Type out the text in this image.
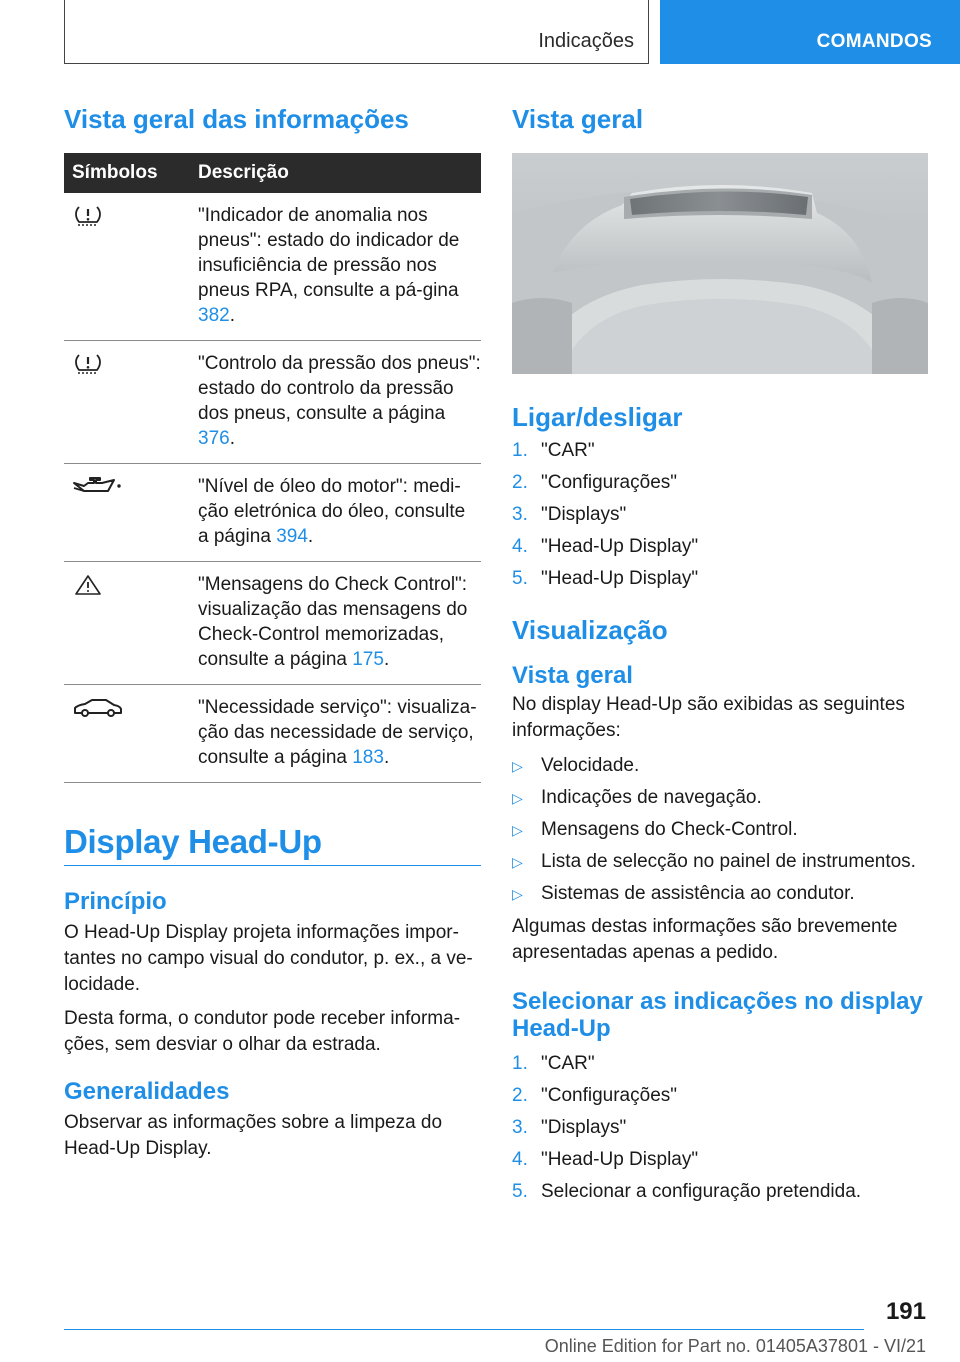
Indicações	COMANDOS
Vista geral das informações
Símbolos	Descrição
	"Indicador de anomalia nos pneus": estado do indicador de insuficiência de pressão nos pneus RPA, consulte a pá-gina 382.
	"Controlo da pressão dos pneus": estado do controlo da pressão dos pneus, consulte a página 376.
	"Nível de óleo do motor": medi-ção eletrónica do óleo, consulte a página 394.
	"Mensagens do Check Control": visualização das mensagens do Check-Control memorizadas, consulte a página 175.
	"Necessidade serviço": visualiza-ção das necessidade de serviço, consulte a página 183.
Display Head-Up
Princípio

O Head-Up Display projeta informações impor-tantes no campo visual do condutor, p. ex., a ve-locidade.

Desta forma, o condutor pode receber informa-ções, sem desviar o olhar da estrada.

Generalidades

Observar as informações sobre a limpeza do Head-Up Display.

Vista geral
Ligar/desligar
1. "CAR"
2. "Configurações"
3. "Displays"
4. "Head-Up Display"
5. "Head-Up Display"
Visualização
Vista geral

No display Head-Up são exibidas as seguintes informações:

▷ Velocidade.
▷ Indicações de navegação.
▷ Mensagens do Check-Control.
▷ Lista de selecção no painel de instrumentos.
▷ Sistemas de assistência ao condutor.

Algumas destas informações são brevemente apresentadas apenas a pedido.

Selecionar as indicações no display Head-Up
1. "CAR"
2. "Configurações"
3. "Displays"
4. "Head-Up Display"
5. Selecionar a configuração pretendida.
191
Online Edition for Part no. 01405A37801 - VI/21
